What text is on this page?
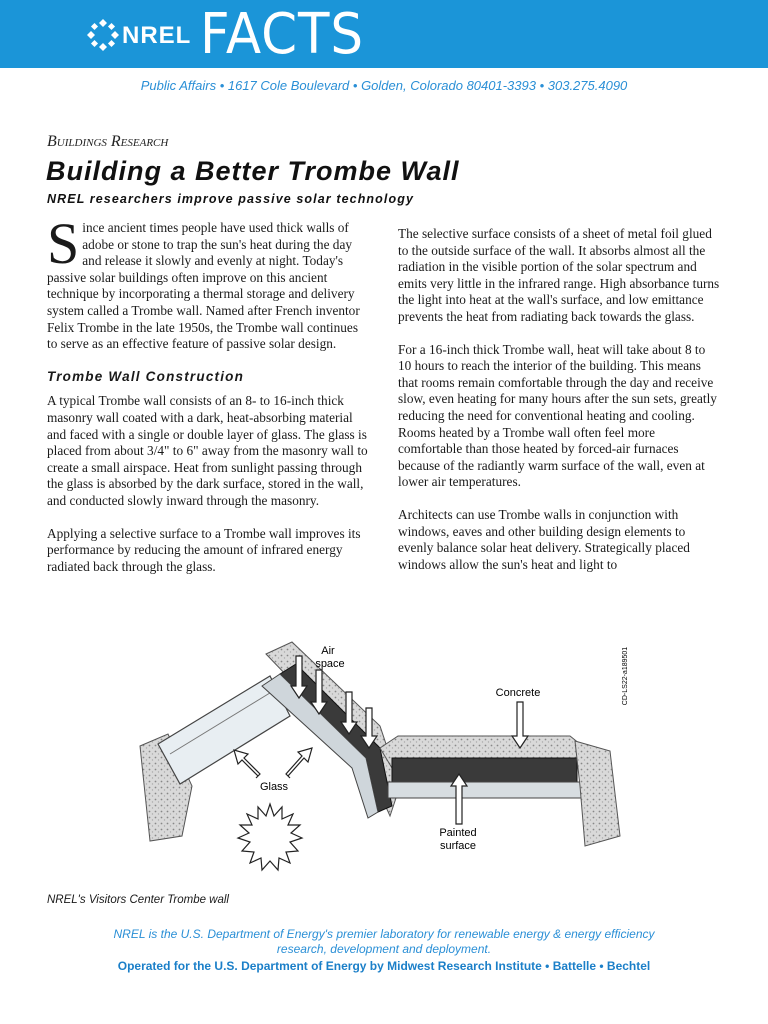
NREL FACTS
Public Affairs • 1617 Cole Boulevard • Golden, Colorado 80401-3393 • 303.275.4090
Buildings Research
Building a Better Trombe Wall
NREL researchers improve passive solar technology

Since ancient times people have used thick walls of adobe or stone to trap the sun's heat during the day and release it slowly and evenly at night. Today's passive solar buildings often improve on this ancient technique by incorporating a thermal storage and delivery system called a Trombe wall. Named after French inventor Felix Trombe in the late 1950s, the Trombe wall continues to serve as an effective feature of passive solar design.

Trombe Wall Construction

A typical Trombe wall consists of an 8- to 16-inch thick masonry wall coated with a dark, heat-absorbing material and faced with a single or double layer of glass. The glass is placed from about 3/4" to 6" away from the masonry wall to create a small airspace. Heat from sunlight passing through the glass is absorbed by the dark surface, stored in the wall, and conducted slowly inward through the masonry.

Applying a selective surface to a Trombe wall improves its performance by reducing the amount of infrared energy radiated back through the glass.

The selective surface consists of a sheet of metal foil glued to the outside surface of the wall. It absorbs almost all the radiation in the visible portion of the solar spectrum and emits very little in the infrared range. High absorbance turns the light into heat at the wall's surface, and low emittance prevents the heat from radiating back towards the glass.

For a 16-inch thick Trombe wall, heat will take about 8 to 10 hours to reach the interior of the building. This means that rooms remain comfortable through the day and receive slow, even heating for many hours after the sun sets, greatly reducing the need for conventional heating and cooling. Rooms heated by a Trombe wall often feel more comfortable than those heated by forced-air furnaces because of the radiantly warm surface of the wall, even at lower air temperatures.

Architects can use Trombe walls in conjunction with windows, eaves and other building design elements to evenly balance solar heat delivery. Strategically placed windows allow the sun's heat and light to

Air
space
Concrete
Glass
Painted
surface
CD-LS22-a189501
NREL's Visitors Center Trombe wall
NREL is the U.S. Department of Energy's premier laboratory for renewable energy & energy efficiency research, development and deployment.
Operated for the U.S. Department of Energy by Midwest Research Institute • Battelle • Bechtel
